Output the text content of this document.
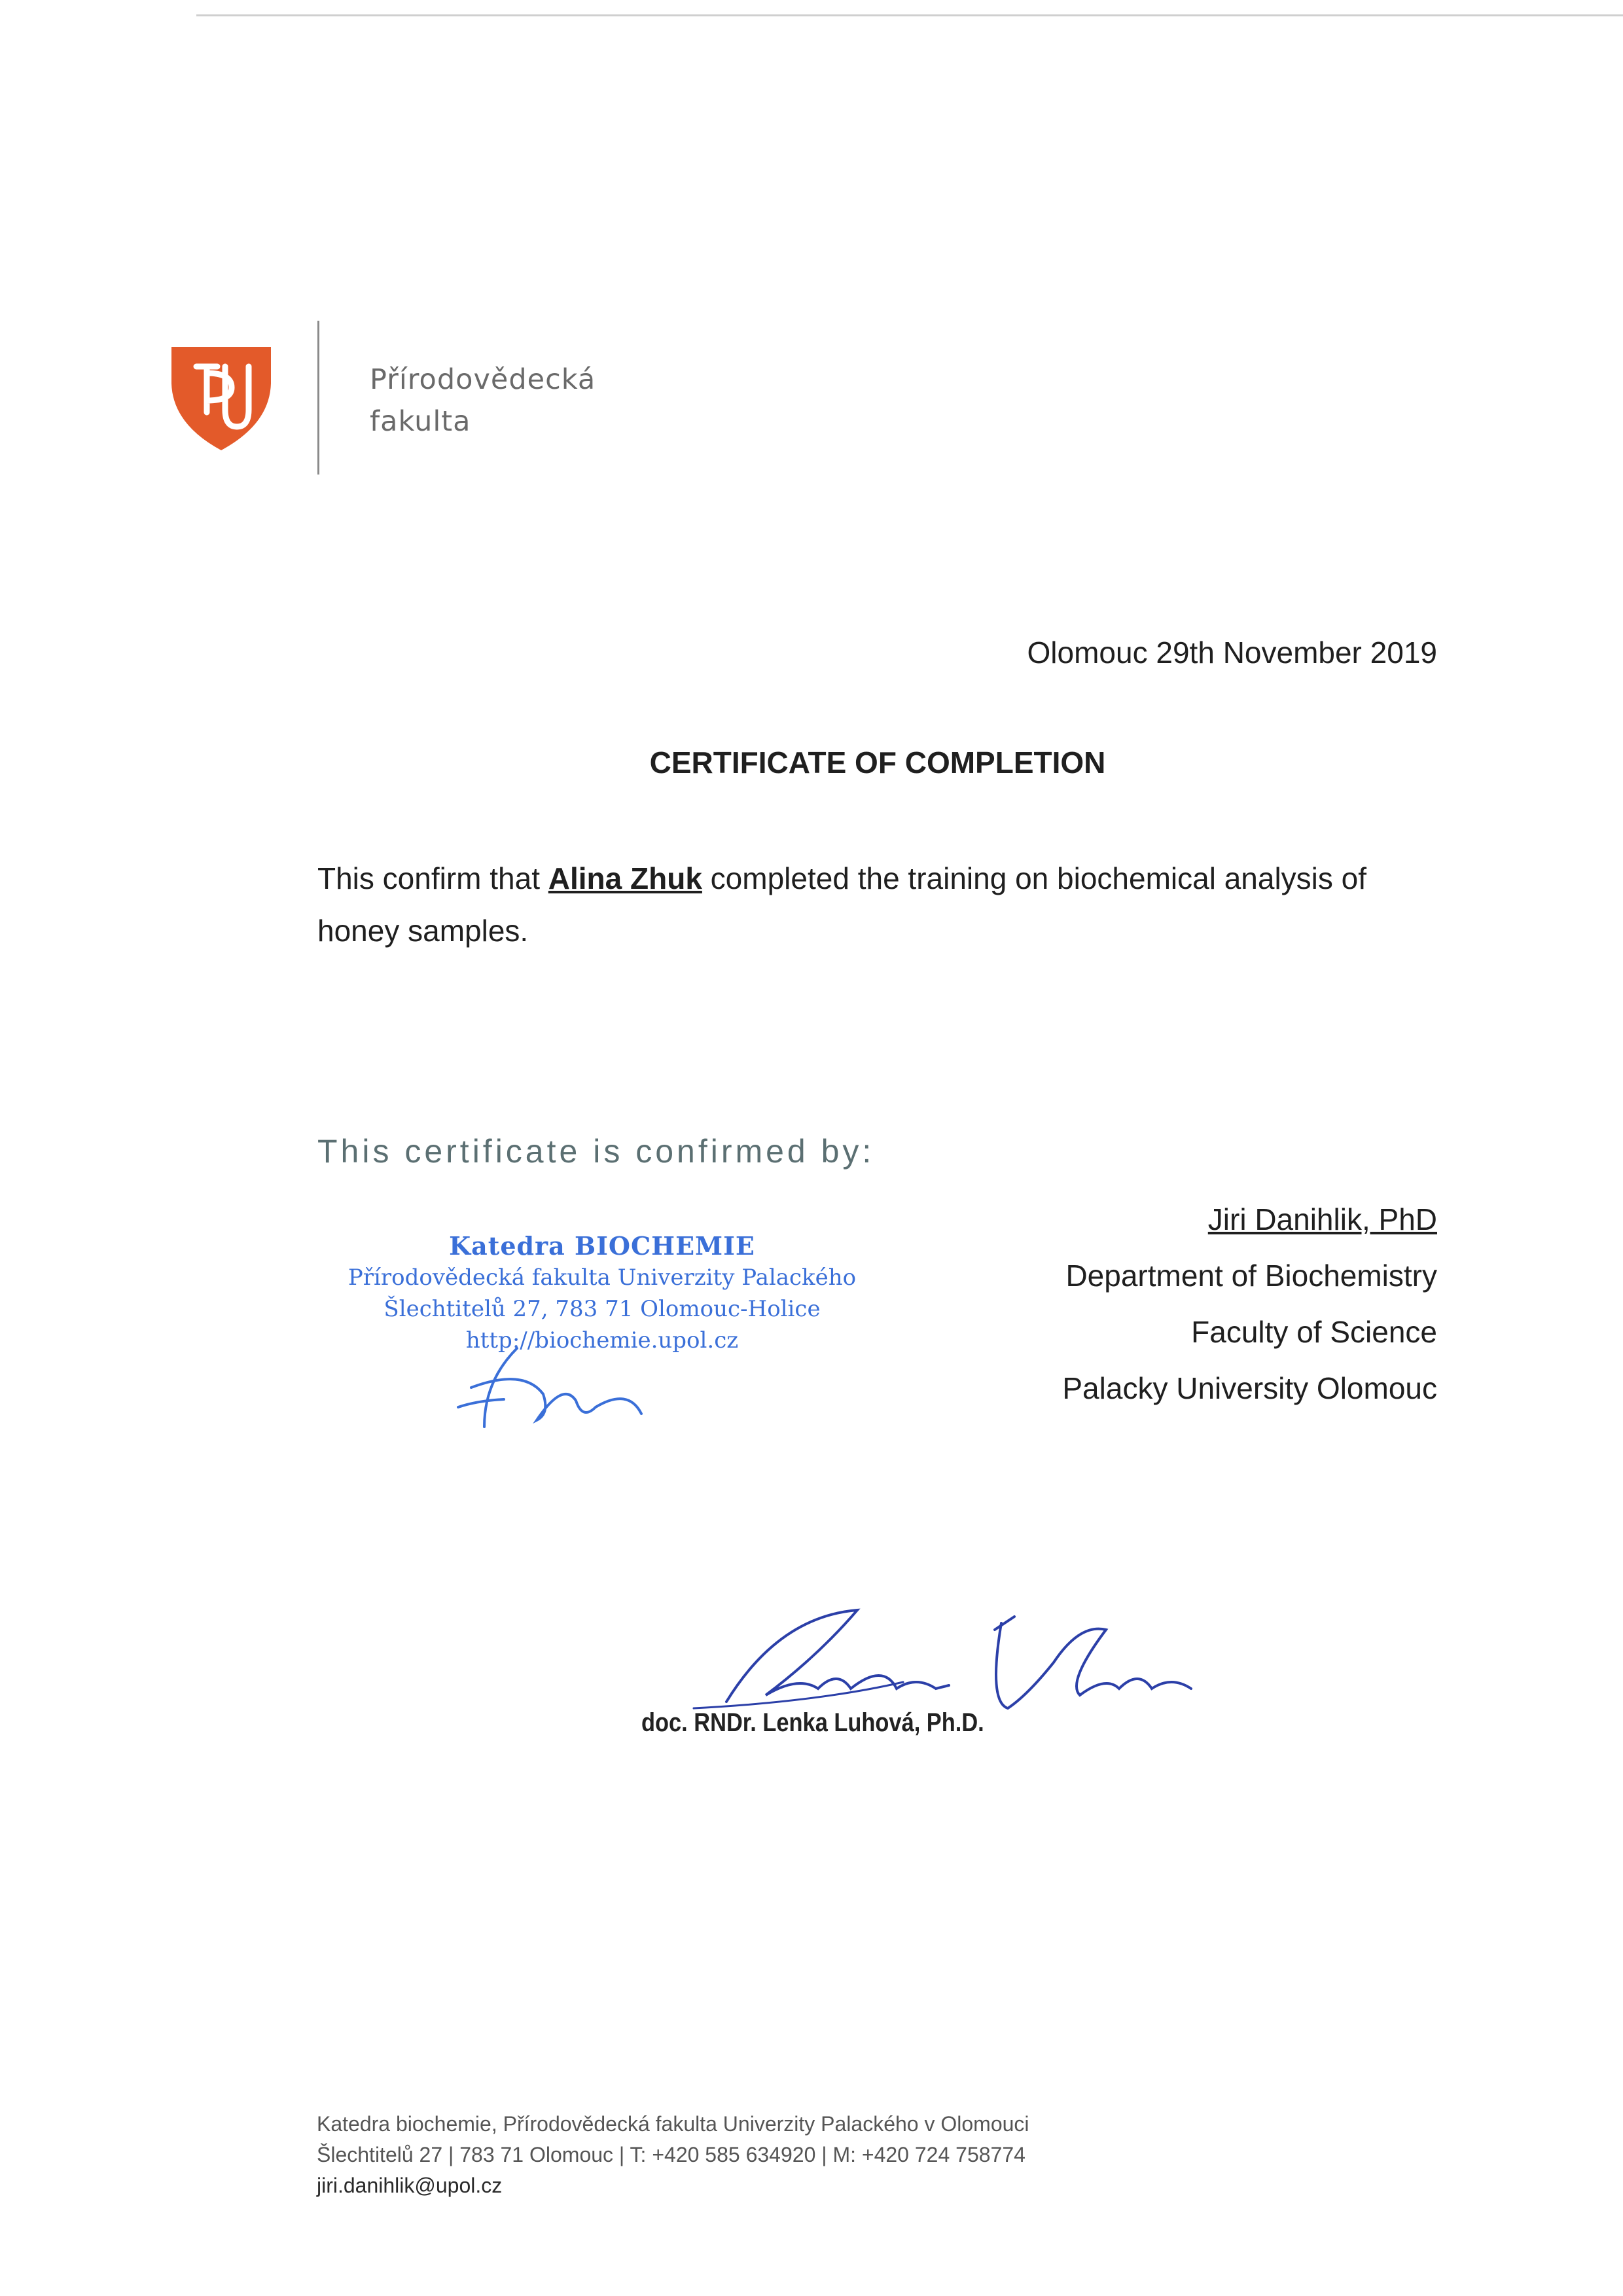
Přírodovědecká
fakulta
Olomouc 29th November 2019
CERTIFICATE OF COMPLETION
This confirm that Alina Zhuk completed the training on biochemical analysis of honey samples.
This certificate is confirmed by:
Jiri Danihlik, PhD
Department of Biochemistry
Faculty of Science
Palacky University Olomouc
Katedra BIOCHEMIE
Přírodovědecká fakulta Univerzity Palackého
Šlechtitelů 27, 783 71 Olomouc-Holice
http://biochemie.upol.cz
doc. RNDr. Lenka Luhová, Ph.D.
Katedra biochemie, Přírodovědecká fakulta Univerzity Palackého v Olomouci
Šlechtitelů 27 | 783 71 Olomouc | T: +420 585 634920 | M: +420 724 758774
jiri.danihlik@upol.cz
